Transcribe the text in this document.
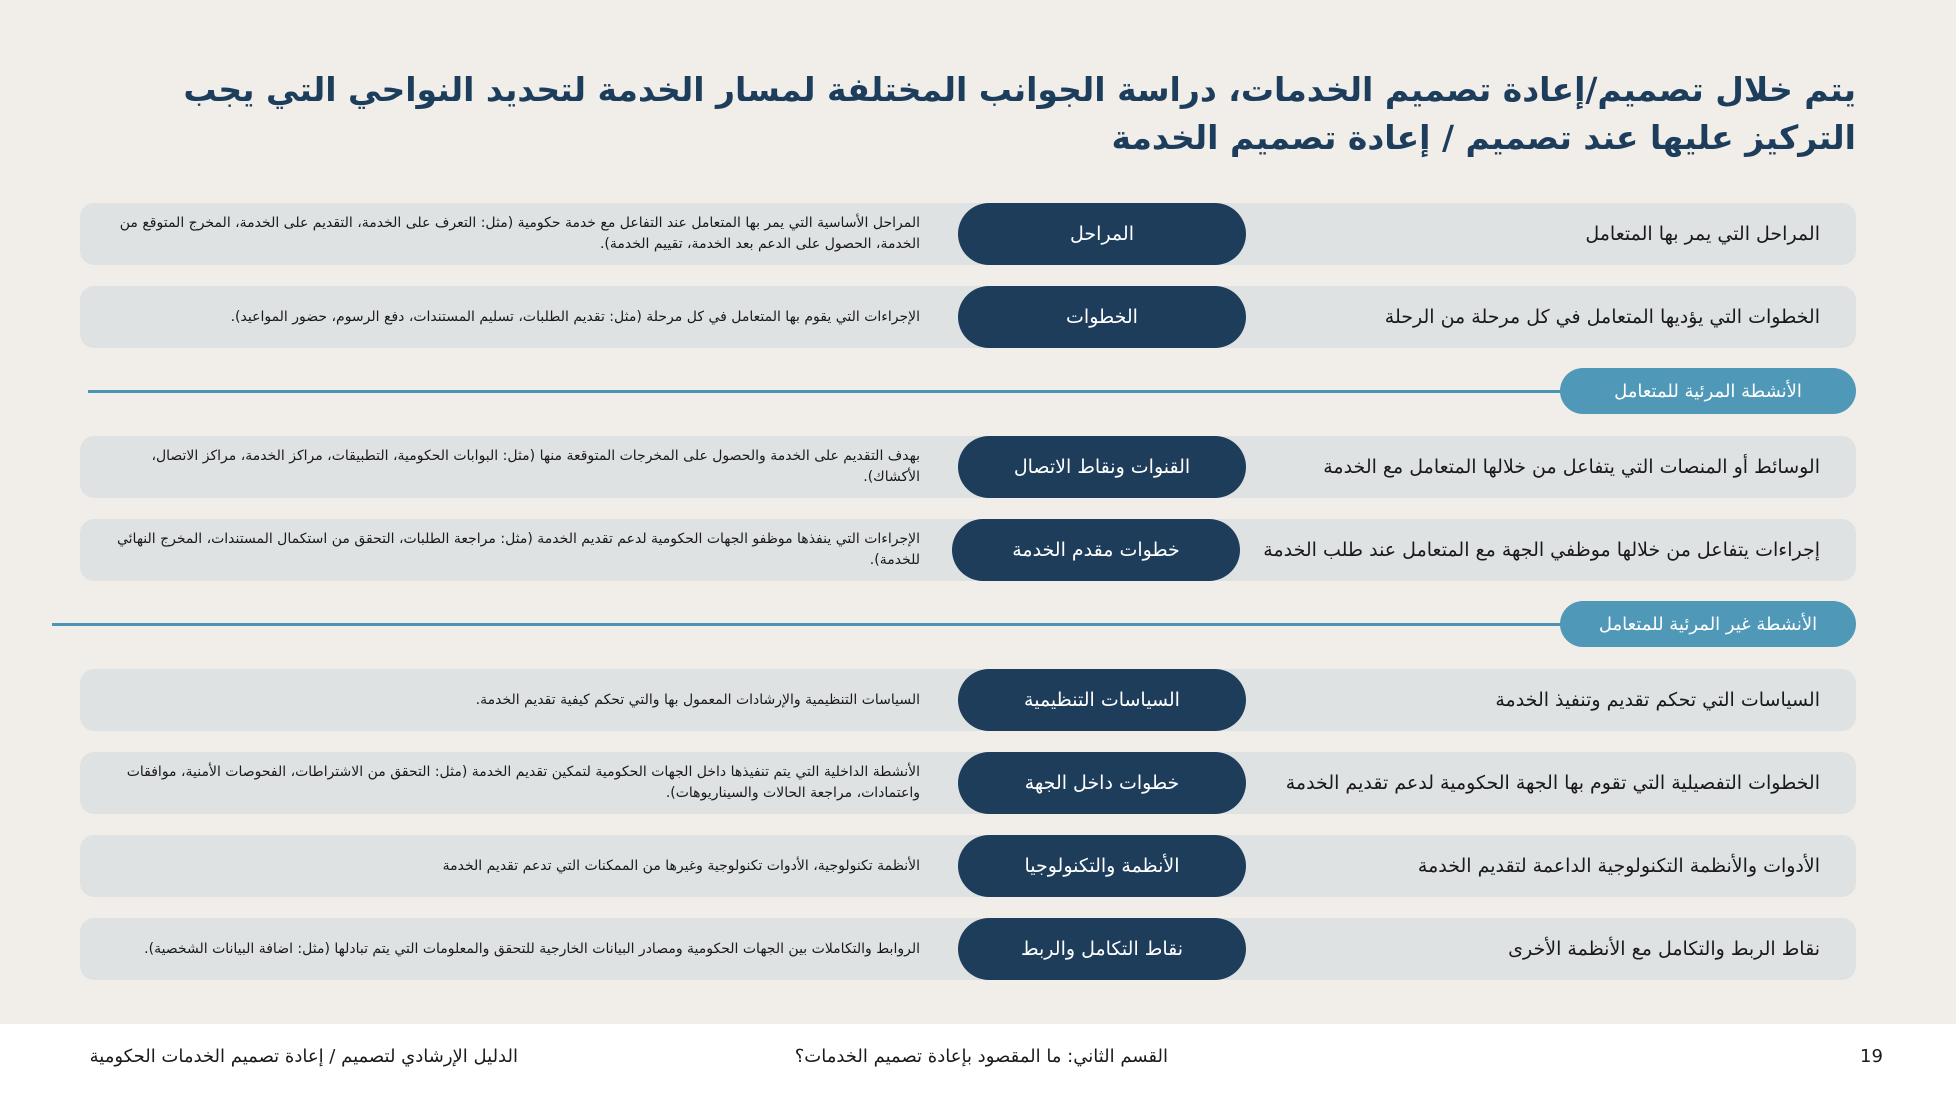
يتم خلال تصميم/إعادة تصميم الخدمات، دراسة الجوانب المختلفة لمسار الخدمة لتحديد النواحي التي يجب التركيز عليها عند تصميم / إعادة تصميم الخدمة
المراحل التي يمر بها المتعامل
المراحل
المراحل الأساسية التي يمر بها المتعامل عند التفاعل مع خدمة حكومية (مثل: التعرف على الخدمة، التقديم على الخدمة، المخرج المتوقع من الخدمة، الحصول على الدعم بعد الخدمة، تقييم الخدمة).
الخطوات التي يؤديها المتعامل في كل مرحلة من الرحلة
الخطوات
الإجراءات التي يقوم بها المتعامل في كل مرحلة (مثل: تقديم الطلبات، تسليم المستندات، دفع الرسوم، حضور المواعيد).
الأنشطة المرئية للمتعامل
الوسائط أو المنصات التي يتفاعل من خلالها المتعامل مع الخدمة
القنوات ونقاط الاتصال
بهدف التقديم على الخدمة والحصول على المخرجات المتوقعة منها (مثل: البوابات الحكومية، التطبيقات، مراكز الخدمة، مراكز الاتصال، الأكشاك).
إجراءات يتفاعل من خلالها موظفي الجهة مع المتعامل عند طلب الخدمة
خطوات مقدم الخدمة
الإجراءات التي ينفذها موظفو الجهات الحكومية لدعم تقديم الخدمة (مثل: مراجعة الطلبات، التحقق من استكمال المستندات، المخرج النهائي للخدمة).
الأنشطة غير المرئية للمتعامل
السياسات التي تحكم تقديم وتنفيذ الخدمة
السياسات التنظيمية
السياسات التنظيمية والإرشادات المعمول بها والتي تحكم كيفية تقديم الخدمة.
الخطوات التفصيلية التي تقوم بها الجهة الحكومية لدعم تقديم الخدمة
خطوات داخل الجهة
الأنشطة الداخلية التي يتم تنفيذها داخل الجهات الحكومية لتمكين تقديم الخدمة (مثل: التحقق من الاشتراطات، الفحوصات الأمنية، موافقات واعتمادات، مراجعة الحالات والسيناريوهات).
الأدوات والأنظمة التكنولوجية الداعمة لتقديم الخدمة
الأنظمة والتكنولوجيا
الأنظمة تكنولوجية، الأدوات تكنولوجية وغيرها من الممكنات التي تدعم تقديم الخدمة
نقاط الربط والتكامل مع الأنظمة الأخرى
نقاط التكامل والربط
الروابط والتكاملات بين الجهات الحكومية ومصادر البيانات الخارجية للتحقق والمعلومات التي يتم تبادلها (مثل: اضافة البيانات الشخصية).
19
القسم الثاني: ما المقصود بإعادة تصميم الخدمات؟
الدليل الإرشادي لتصميم / إعادة تصميم الخدمات الحكومية
